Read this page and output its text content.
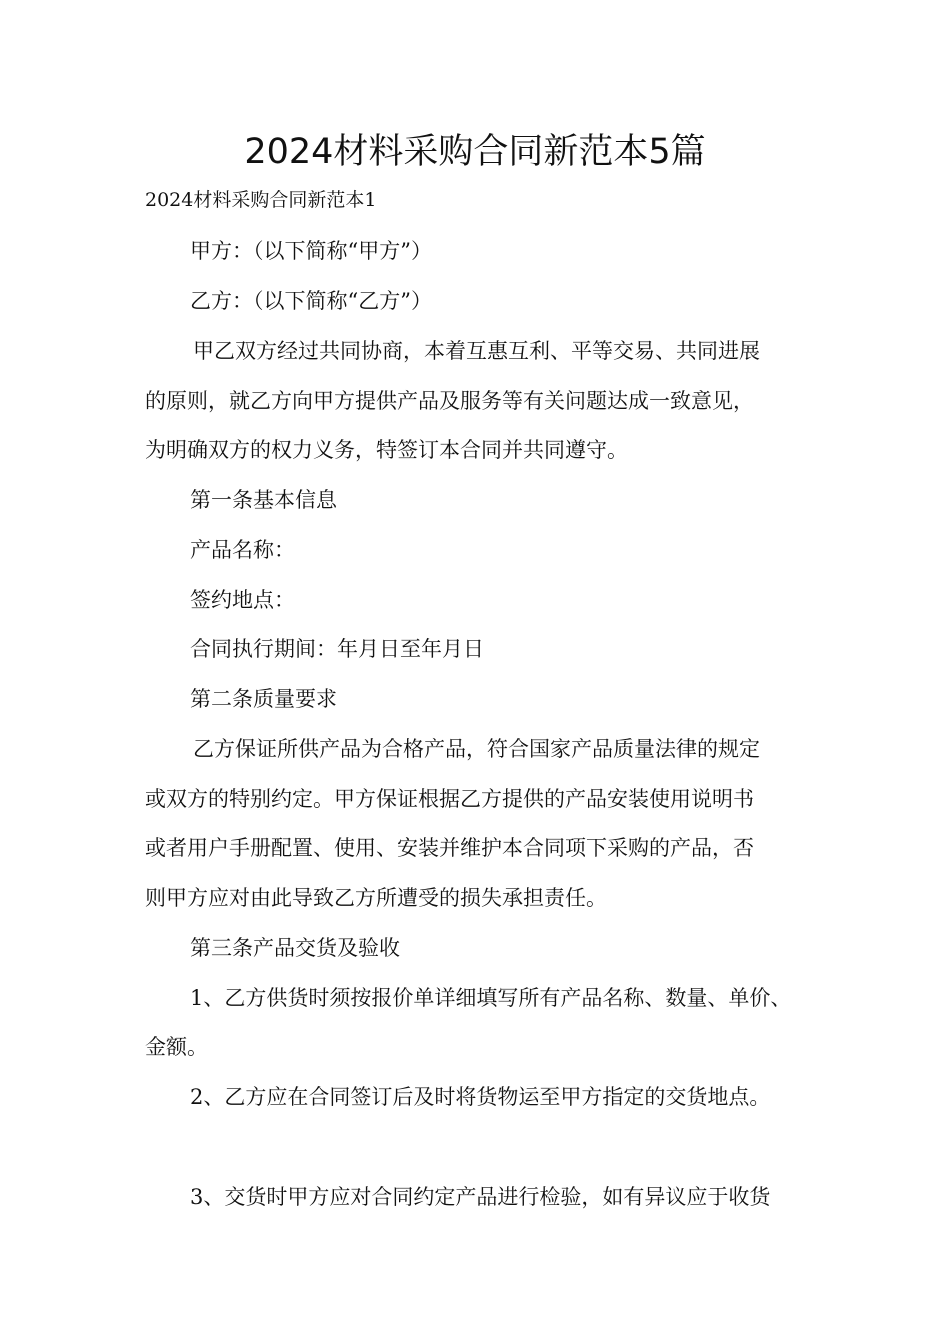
2024材料采购合同新范本5篇

2024材料采购合同新范本1

甲方：（以下简称“甲方”）

乙方：（以下简称“乙方”）

甲乙双方经过共同协商，本着互惠互利、平等交易、共同进展

的原则，就乙方向甲方提供产品及服务等有关问题达成一致意见，

为明确双方的权力义务，特签订本合同并共同遵守。

第一条基本信息

产品名称：

签约地点：

合同执行期间：年月日至年月日

第二条质量要求

乙方保证所供产品为合格产品，符合国家产品质量法律的规定

或双方的特别约定。甲方保证根据乙方提供的产品安装使用说明书

或者用户手册配置、使用、安装并维护本合同项下采购的产品，否

则甲方应对由此导致乙方所遭受的损失承担责任。

第三条产品交货及验收

1、乙方供货时须按报价单详细填写所有产品名称、数量、单价、

金额。

2、乙方应在合同签订后及时将货物运至甲方指定的交货地点。

3、交货时甲方应对合同约定产品进行检验，如有异议应于收货
